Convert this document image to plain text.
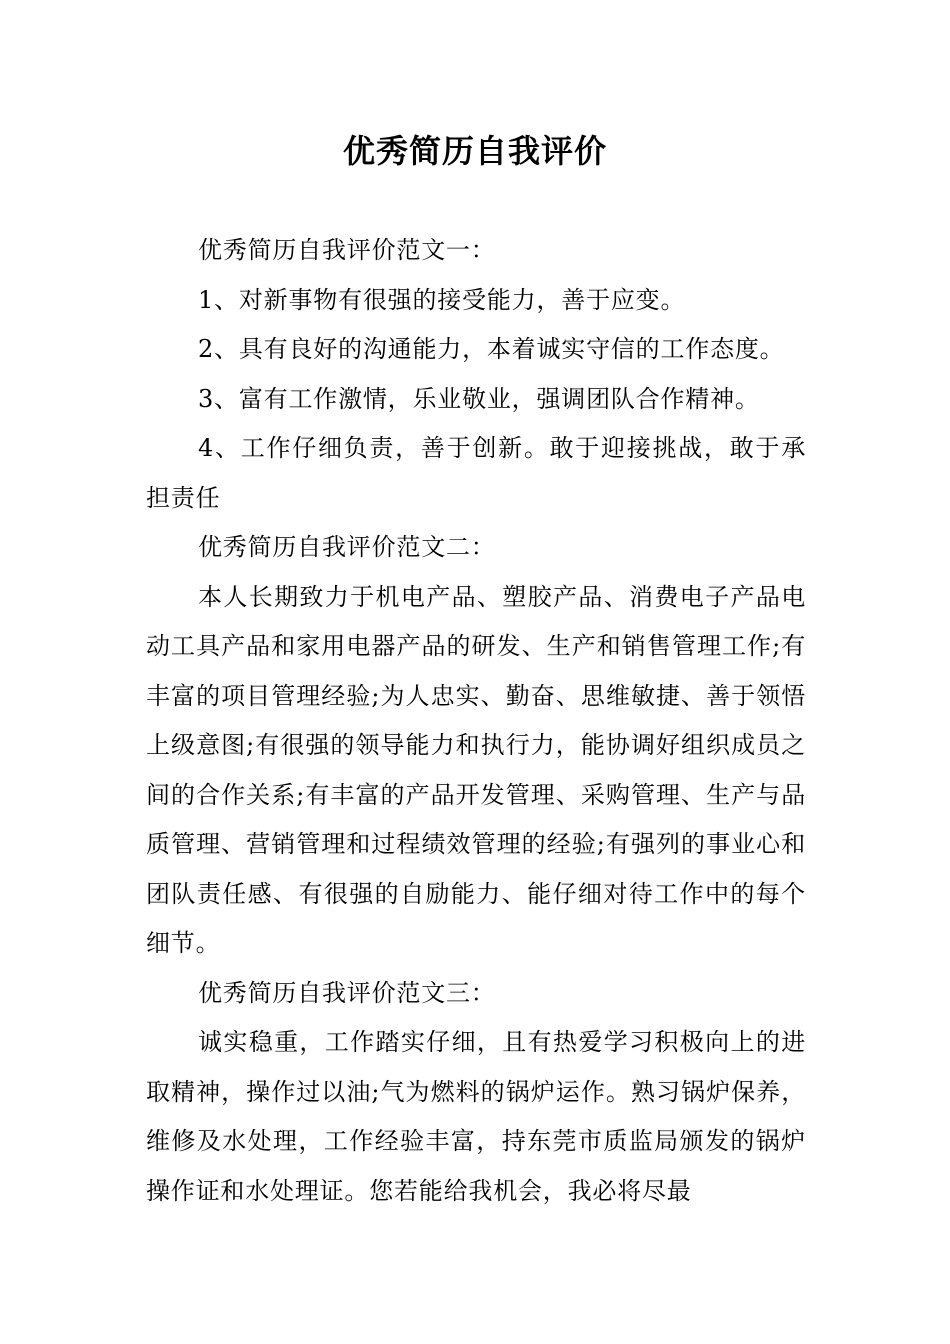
优秀简历自我评价

优秀简历自我评价范文一：

1、对新事物有很强的接受能力，善于应变。

2、具有良好的沟通能力，本着诚实守信的工作态度。

3、富有工作激情，乐业敬业，强调团队合作精神。

4、工作仔细负责，善于创新。敢于迎接挑战，敢于承担责任

优秀简历自我评价范文二：

本人长期致力于机电产品、塑胶产品、消费电子产品电动工具产品和家用电器产品的研发、生产和销售管理工作;有丰富的项目管理经验;为人忠实、勤奋、思维敏捷、善于领悟上级意图;有很强的领导能力和执行力，能协调好组织成员之间的合作关系;有丰富的产品开发管理、采购管理、生产与品质管理、营销管理和过程绩效管理的经验;有强列的事业心和团队责任感、有很强的自励能力、能仔细对待工作中的每个细节。

优秀简历自我评价范文三：

诚实稳重，工作踏实仔细，且有热爱学习积极向上的进取精神，操作过以油;气为燃料的锅炉运作。熟习锅炉保养，维修及水处理，工作经验丰富，持东莞市质监局颁发的锅炉操作证和水处理证。您若能给我机会，我必将尽最
